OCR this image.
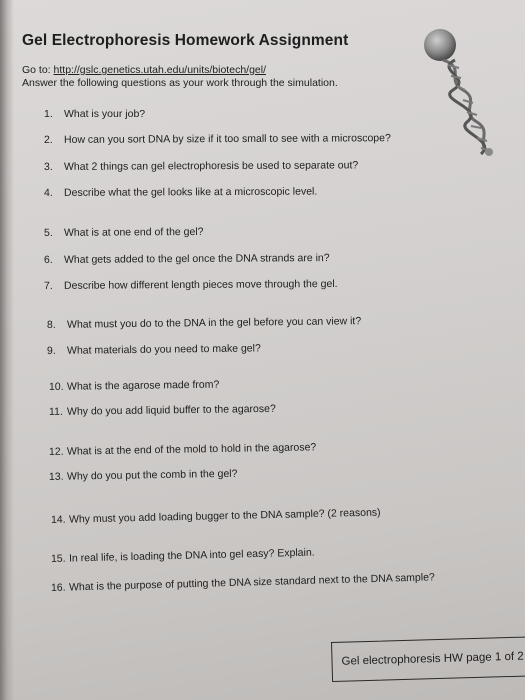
Gel Electrophoresis Homework Assignment
Go to: http://gslc.genetics.utah.edu/units/biotech/gel/
Answer the following questions as your work through the simulation.
1. What is your job?
2. How can you sort DNA by size if it too small to see with a microscope?
3. What 2 things can gel electrophoresis be used to separate out?
4. Describe what the gel looks like at a microscopic level.
5. What is at one end of the gel?
6. What gets added to the gel once the DNA strands are in?
7. Describe how different length pieces move through the gel.
8. What must you do to the DNA in the gel before you can view it?
9. What materials do you need to make gel?
10. What is the agarose made from?
11. Why do you add liquid buffer to the agarose?
12. What is at the end of the mold to hold in the agarose?
13. Why do you put the comb in the gel?
14. Why must you add loading bugger to the DNA sample? (2 reasons)
15. In real life, is loading the DNA into gel easy? Explain.
16. What is the purpose of putting the DNA size standard next to the DNA sample?
Gel electrophoresis HW page 1 of 2
